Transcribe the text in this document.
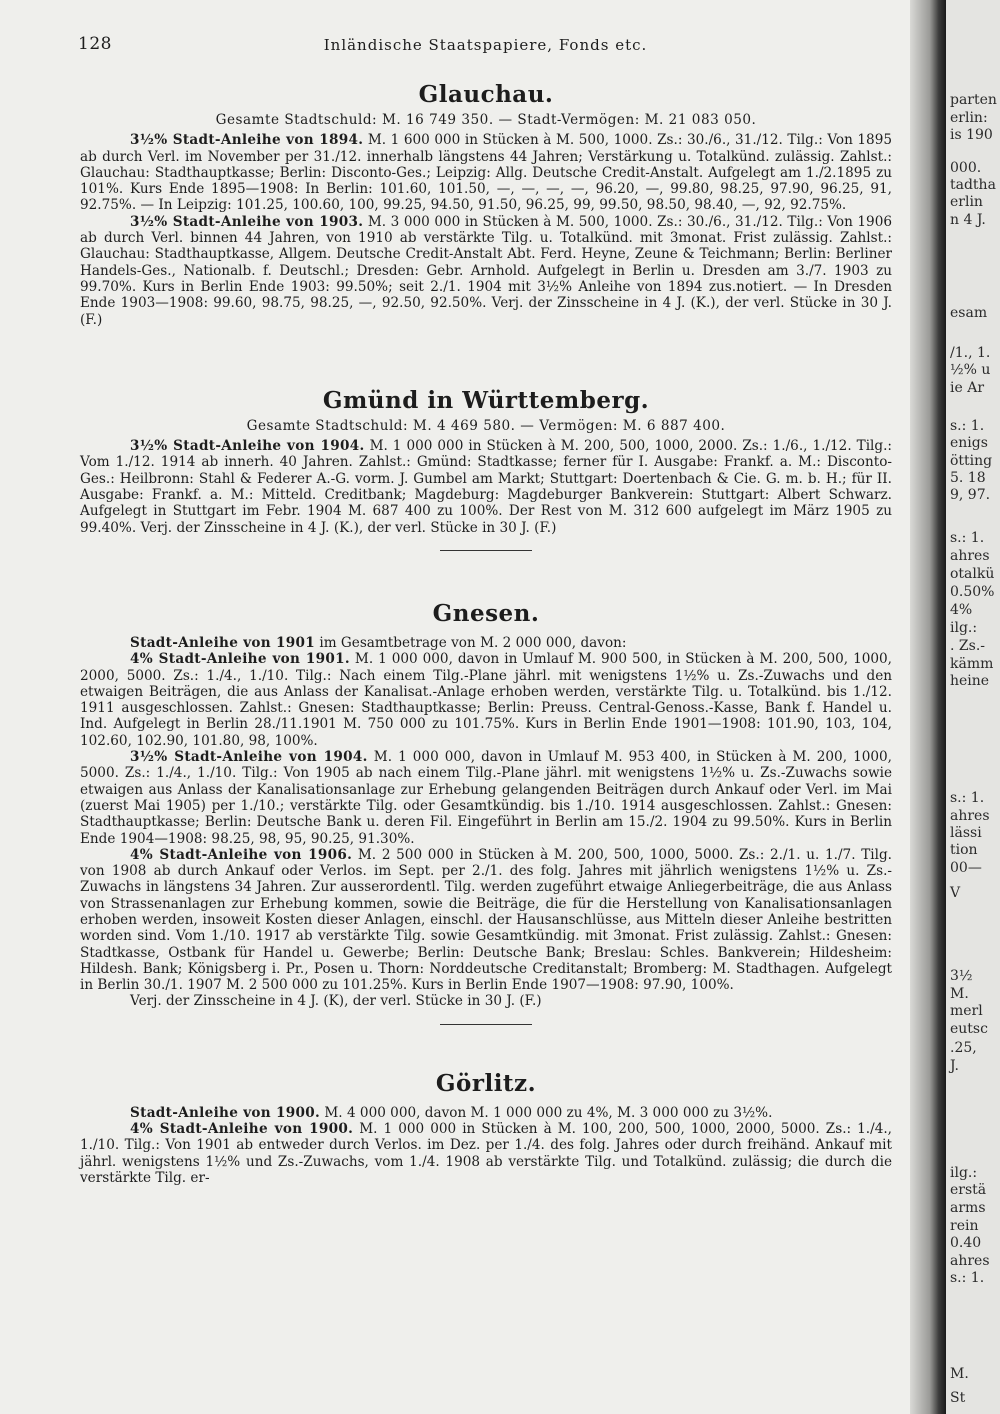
128	Inländische Staatspapiere, Fonds etc.
Glauchau.
Gesamte Stadtschuld: M. 16 749 350. — Stadt-Vermögen: M. 21 083 050.

3½% Stadt-Anleihe von 1894. M. 1 600 000 in Stücken à M. 500, 1000. Zs.: 30./6., 31./12. Tilg.: Von 1895 ab durch Verl. im November per 31./12. innerhalb längstens 44 Jahren; Verstärkung u. Totalkünd. zulässig. Zahlst.: Glauchau: Stadthauptkasse; Berlin: Disconto-Ges.; Leipzig: Allg. Deutsche Credit-Anstalt. Aufgelegt am 1./2.1895 zu 101%. Kurs Ende 1895—1908: In Berlin: 101.60, 101.50, —, —, —, —, 96.20, —, 99.80, 98.25, 97.90, 96.25, 91, 92.75%. — In Leipzig: 101.25, 100.60, 100, 99.25, 94.50, 91.50, 96.25, 99, 99.50, 98.50, 98.40, —, 92, 92.75%.

3½% Stadt-Anleihe von 1903. M. 3 000 000 in Stücken à M. 500, 1000. Zs.: 30./6., 31./12. Tilg.: Von 1906 ab durch Verl. binnen 44 Jahren, von 1910 ab verstärkte Tilg. u. Totalkünd. mit 3monat. Frist zulässig. Zahlst.: Glauchau: Stadthauptkasse, Allgem. Deutsche Credit-Anstalt Abt. Ferd. Heyne, Zeune & Teichmann; Berlin: Berliner Handels-Ges., Nationalb. f. Deutschl.; Dresden: Gebr. Arnhold. Aufgelegt in Berlin u. Dresden am 3./7. 1903 zu 99.70%. Kurs in Berlin Ende 1903: 99.50%; seit 2./1. 1904 mit 3½% Anleihe von 1894 zus.notiert. — In Dresden Ende 1903—1908: 99.60, 98.75, 98.25, —, 92.50, 92.50%. Verj. der Zinsscheine in 4 J. (K.), der verl. Stücke in 30 J. (F.)

Gmünd in Württemberg.
Gesamte Stadtschuld: M. 4 469 580. — Vermögen: M. 6 887 400.

3½% Stadt-Anleihe von 1904. M. 1 000 000 in Stücken à M. 200, 500, 1000, 2000. Zs.: 1./6., 1./12. Tilg.: Vom 1./12. 1914 ab innerh. 40 Jahren. Zahlst.: Gmünd: Stadtkasse; ferner für I. Ausgabe: Frankf. a. M.: Disconto-Ges.: Heilbronn: Stahl & Federer A.-G. vorm. J. Gumbel am Markt; Stuttgart: Doertenbach & Cie. G. m. b. H.; für II. Ausgabe: Frankf. a. M.: Mitteld. Creditbank; Magdeburg: Magdeburger Bankverein: Stuttgart: Albert Schwarz. Aufgelegt in Stuttgart im Febr. 1904 M. 687 400 zu 100%. Der Rest von M. 312 600 aufgelegt im März 1905 zu 99.40%. Verj. der Zinsscheine in 4 J. (K.), der verl. Stücke in 30 J. (F.)

Gnesen.

Stadt-Anleihe von 1901 im Gesamtbetrage von M. 2 000 000, davon:

4% Stadt-Anleihe von 1901. M. 1 000 000, davon in Umlauf M. 900 500, in Stücken à M. 200, 500, 1000, 2000, 5000. Zs.: 1./4., 1./10. Tilg.: Nach einem Tilg.-Plane jährl. mit wenigstens 1½% u. Zs.-Zuwachs und den etwaigen Beiträgen, die aus Anlass der Kanalisat.-Anlage erhoben werden, verstärkte Tilg. u. Totalkünd. bis 1./12. 1911 ausgeschlossen. Zahlst.: Gnesen: Stadthauptkasse; Berlin: Preuss. Central-Genoss.-Kasse, Bank f. Handel u. Ind. Aufgelegt in Berlin 28./11.1901 M. 750 000 zu 101.75%. Kurs in Berlin Ende 1901—1908: 101.90, 103, 104, 102.60, 102.90, 101.80, 98, 100%.

3½% Stadt-Anleihe von 1904. M. 1 000 000, davon in Umlauf M. 953 400, in Stücken à M. 200, 1000, 5000. Zs.: 1./4., 1./10. Tilg.: Von 1905 ab nach einem Tilg.-Plane jährl. mit wenigstens 1½% u. Zs.-Zuwachs sowie etwaigen aus Anlass der Kanalisationsanlage zur Erhebung gelangenden Beiträgen durch Ankauf oder Verl. im Mai (zuerst Mai 1905) per 1./10.; verstärkte Tilg. oder Gesamtkündig. bis 1./10. 1914 ausgeschlossen. Zahlst.: Gnesen: Stadthauptkasse; Berlin: Deutsche Bank u. deren Fil. Eingeführt in Berlin am 15./2. 1904 zu 99.50%. Kurs in Berlin Ende 1904—1908: 98.25, 98, 95, 90.25, 91.30%.

4% Stadt-Anleihe von 1906. M. 2 500 000 in Stücken à M. 200, 500, 1000, 5000. Zs.: 2./1. u. 1./7. Tilg. von 1908 ab durch Ankauf oder Verlos. im Sept. per 2./1. des folg. Jahres mit jährlich wenigstens 1½% u. Zs.-Zuwachs in längstens 34 Jahren. Zur ausserordentl. Tilg. werden zugeführt etwaige Anliegerbeiträge, die aus Anlass von Strassenanlagen zur Erhebung kommen, sowie die Beiträge, die für die Herstellung von Kanalisationsanlagen erhoben werden, insoweit Kosten dieser Anlagen, einschl. der Hausanschlüsse, aus Mitteln dieser Anleihe bestritten worden sind. Vom 1./10. 1917 ab verstärkte Tilg. sowie Gesamtkündig. mit 3monat. Frist zulässig. Zahlst.: Gnesen: Stadtkasse, Ostbank für Handel u. Gewerbe; Berlin: Deutsche Bank; Breslau: Schles. Bankverein; Hildesheim: Hildesh. Bank; Königsberg i. Pr., Posen u. Thorn: Norddeutsche Creditanstalt; Bromberg: M. Stadthagen. Aufgelegt in Berlin 30./1. 1907 M. 2 500 000 zu 101.25%. Kurs in Berlin Ende 1907—1908: 97.90, 100%.

Verj. der Zinsscheine in 4 J. (K), der verl. Stücke in 30 J. (F.)

Görlitz.

Stadt-Anleihe von 1900. M. 4 000 000, davon M. 1 000 000 zu 4%, M. 3 000 000 zu 3½%.

4% Stadt-Anleihe von 1900. M. 1 000 000 in Stücken à M. 100, 200, 500, 1000, 2000, 5000. Zs.: 1./4., 1./10. Tilg.: Von 1901 ab entweder durch Verlos. im Dez. per 1./4. des folg. Jahres oder durch freihänd. Ankauf mit jährl. wenigstens 1½% und Zs.-Zuwachs, vom 1./4. 1908 ab verstärkte Tilg. und Totalkünd. zulässig; die durch die verstärkte Tilg. er-

parten
erlin:
is 190
000.
tadtha
erlin
n 4 J.
esam
/1., 1.
½% u
ie Ar
s.: 1.
enigs
ötting
5. 18
9, 97.
s.: 1.
ahres
otalkü
0.50%
4%
ilg.:
. Zs.-
kämm
heine
s.: 1.
ahres
lässi
tion
00—
V
3½
M.
merl
eutsc
.25,
J.
ilg.:
erstä
arms
rein
0.40
ahres
s.: 1.
M.
St
